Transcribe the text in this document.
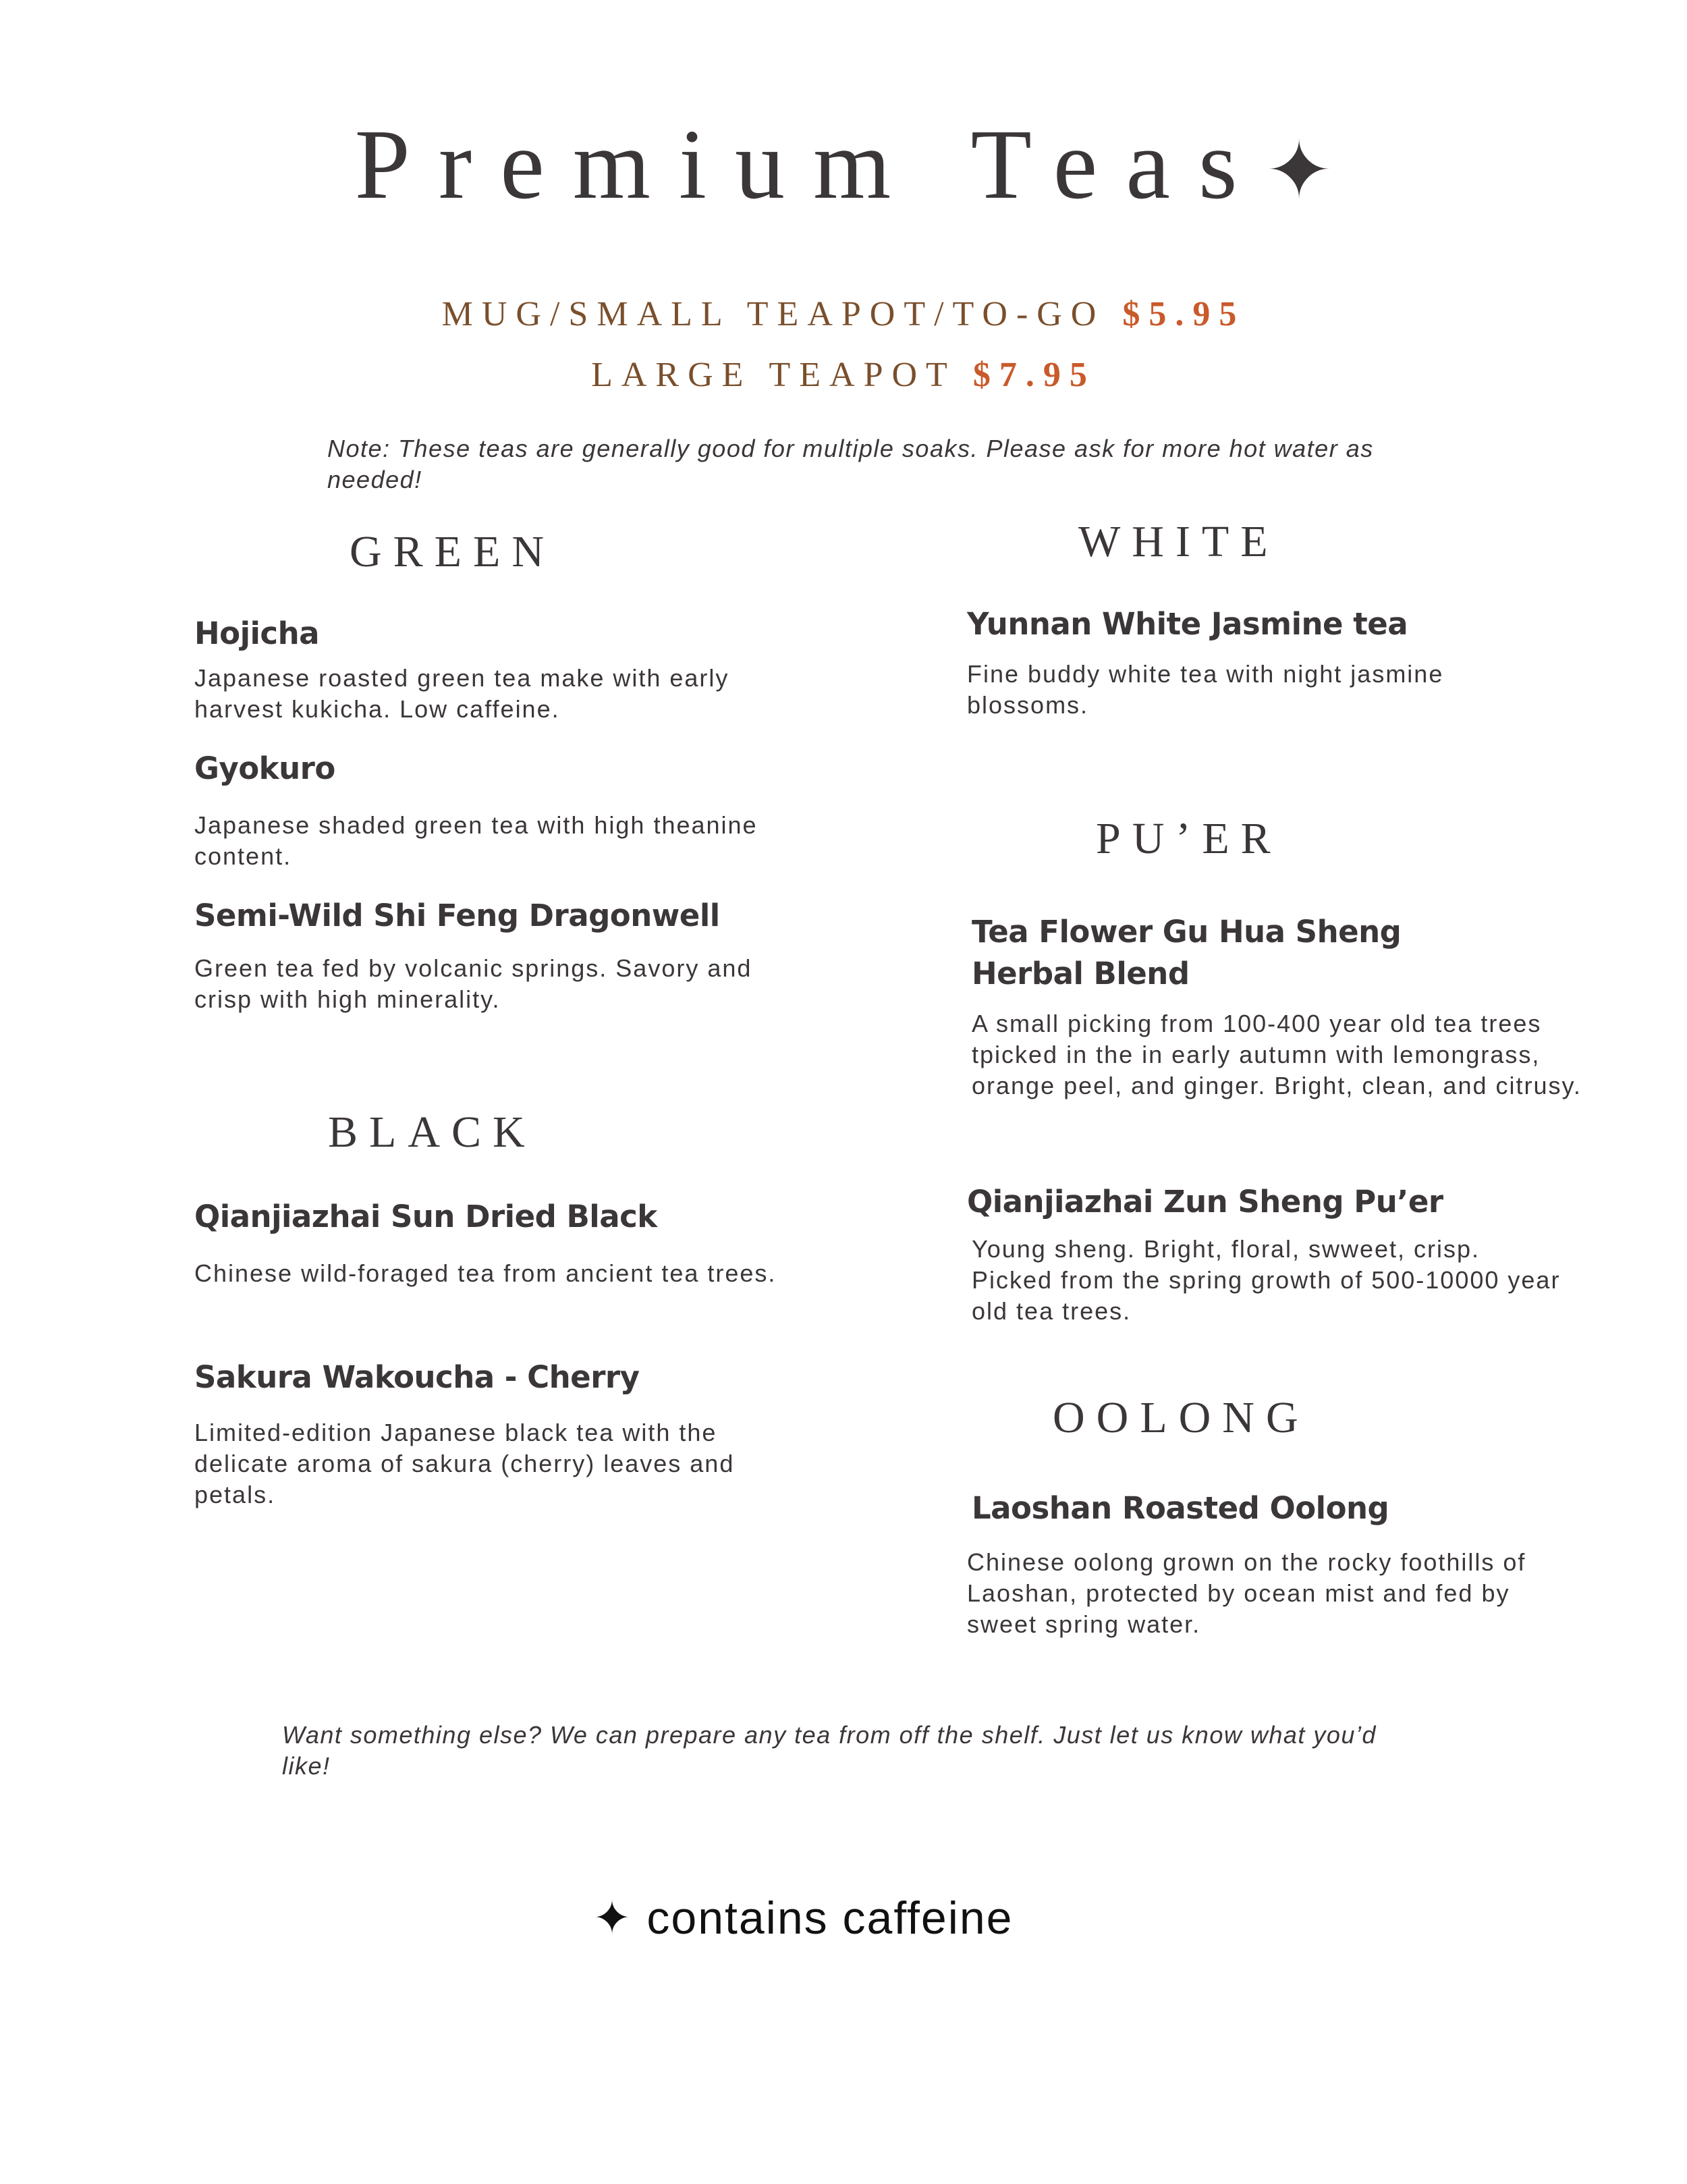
Premium Teas✦
MUG/SMALL TEAPOT/TO-GO $5.95
LARGE TEAPOT $7.95
Note: These teas are generally good for multiple soaks. Please ask for more hot water as needed!
GREEN
Hojicha
Japanese roasted green tea make with early harvest kukicha. Low caffeine.
Gyokuro
Japanese shaded green tea with high theanine content.
Semi-Wild Shi Feng Dragonwell
Green tea fed by volcanic springs. Savory and crisp with high minerality.
BLACK
Qianjiazhai Sun Dried Black
Chinese wild-foraged tea from ancient tea trees.
Sakura Wakoucha - Cherry
Limited-edition Japanese black tea with the delicate aroma of sakura (cherry) leaves and petals.
WHITE
Yunnan White Jasmine tea
Fine buddy white tea with night jasmine blossoms.
PU’ER
Tea Flower Gu Hua Sheng Herbal Blend
A small picking from 100-400 year old tea trees tpicked in the in early autumn with lemongrass, orange peel, and ginger. Bright, clean, and citrusy.
Qianjiazhai Zun Sheng Pu’er
Young sheng. Bright, floral, swweet, crisp. Picked from the spring growth of 500-10000 year old tea trees.
OOLONG
Laoshan Roasted Oolong
Chinese oolong grown on the rocky foothills of Laoshan, protected by ocean mist and fed by sweet spring water.
Want something else? We can prepare any tea from off the shelf. Just let us know what you’d like!
✦ contains caffeine
